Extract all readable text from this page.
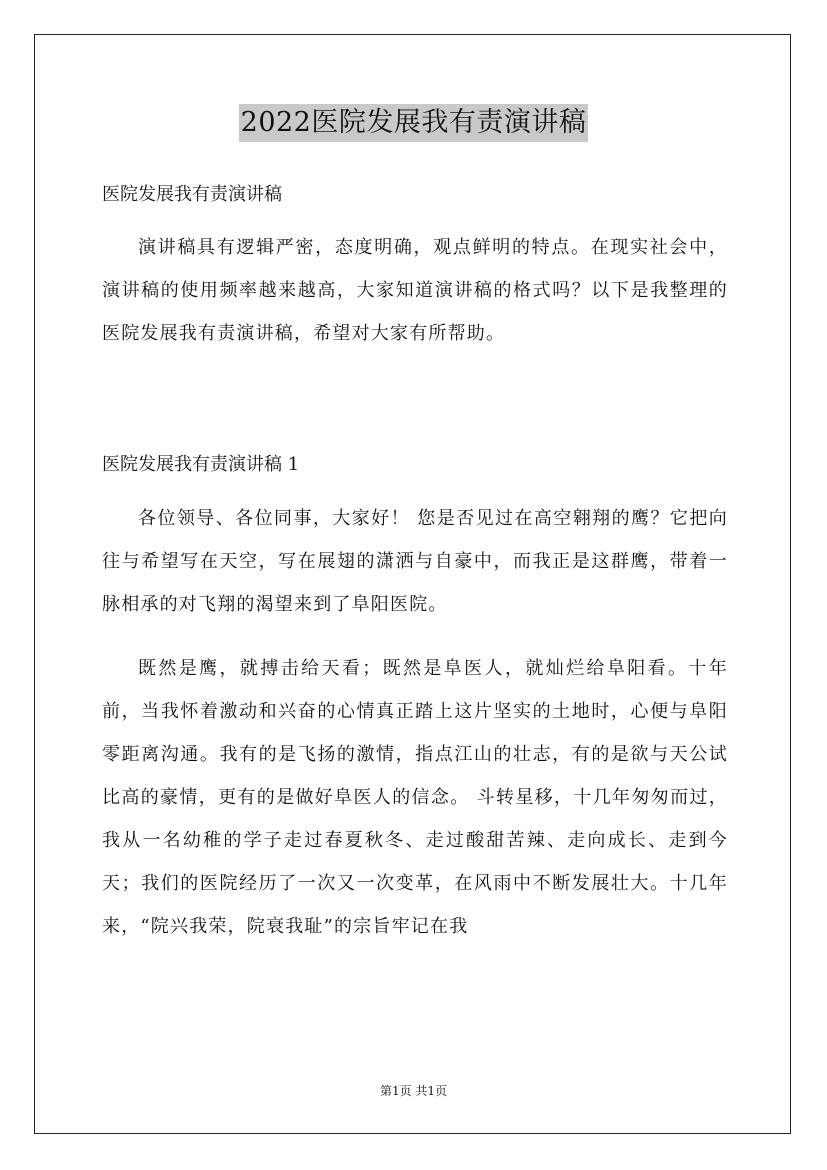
2022医院发展我有责演讲稿
医院发展我有责演讲稿

演讲稿具有逻辑严密，态度明确，观点鲜明的特点。在现实社会中，演讲稿的使用频率越来越高，大家知道演讲稿的格式吗？以下是我整理的医院发展我有责演讲稿，希望对大家有所帮助。

医院发展我有责演讲稿 1

各位领导、各位同事，大家好！ 您是否见过在高空翱翔的鹰？它把向往与希望写在天空，写在展翅的潇洒与自豪中，而我正是这群鹰，带着一脉相承的对飞翔的渴望来到了阜阳医院。

既然是鹰，就搏击给天看；既然是阜医人，就灿烂给阜阳看。十年前，当我怀着激动和兴奋的心情真正踏上这片坚实的土地时，心便与阜阳零距离沟通。我有的是飞扬的激情，指点江山的壮志，有的是欲与天公试比高的豪情，更有的是做好阜医人的信念。 斗转星移，十几年匆匆而过，我从一名幼稚的学子走过春夏秋冬、走过酸甜苦辣、走向成长、走到今天；我们的医院经历了一次又一次变革，在风雨中不断发展壮大。十几年来，“院兴我荣，院衰我耻”的宗旨牢记在我

第1页 共1页
